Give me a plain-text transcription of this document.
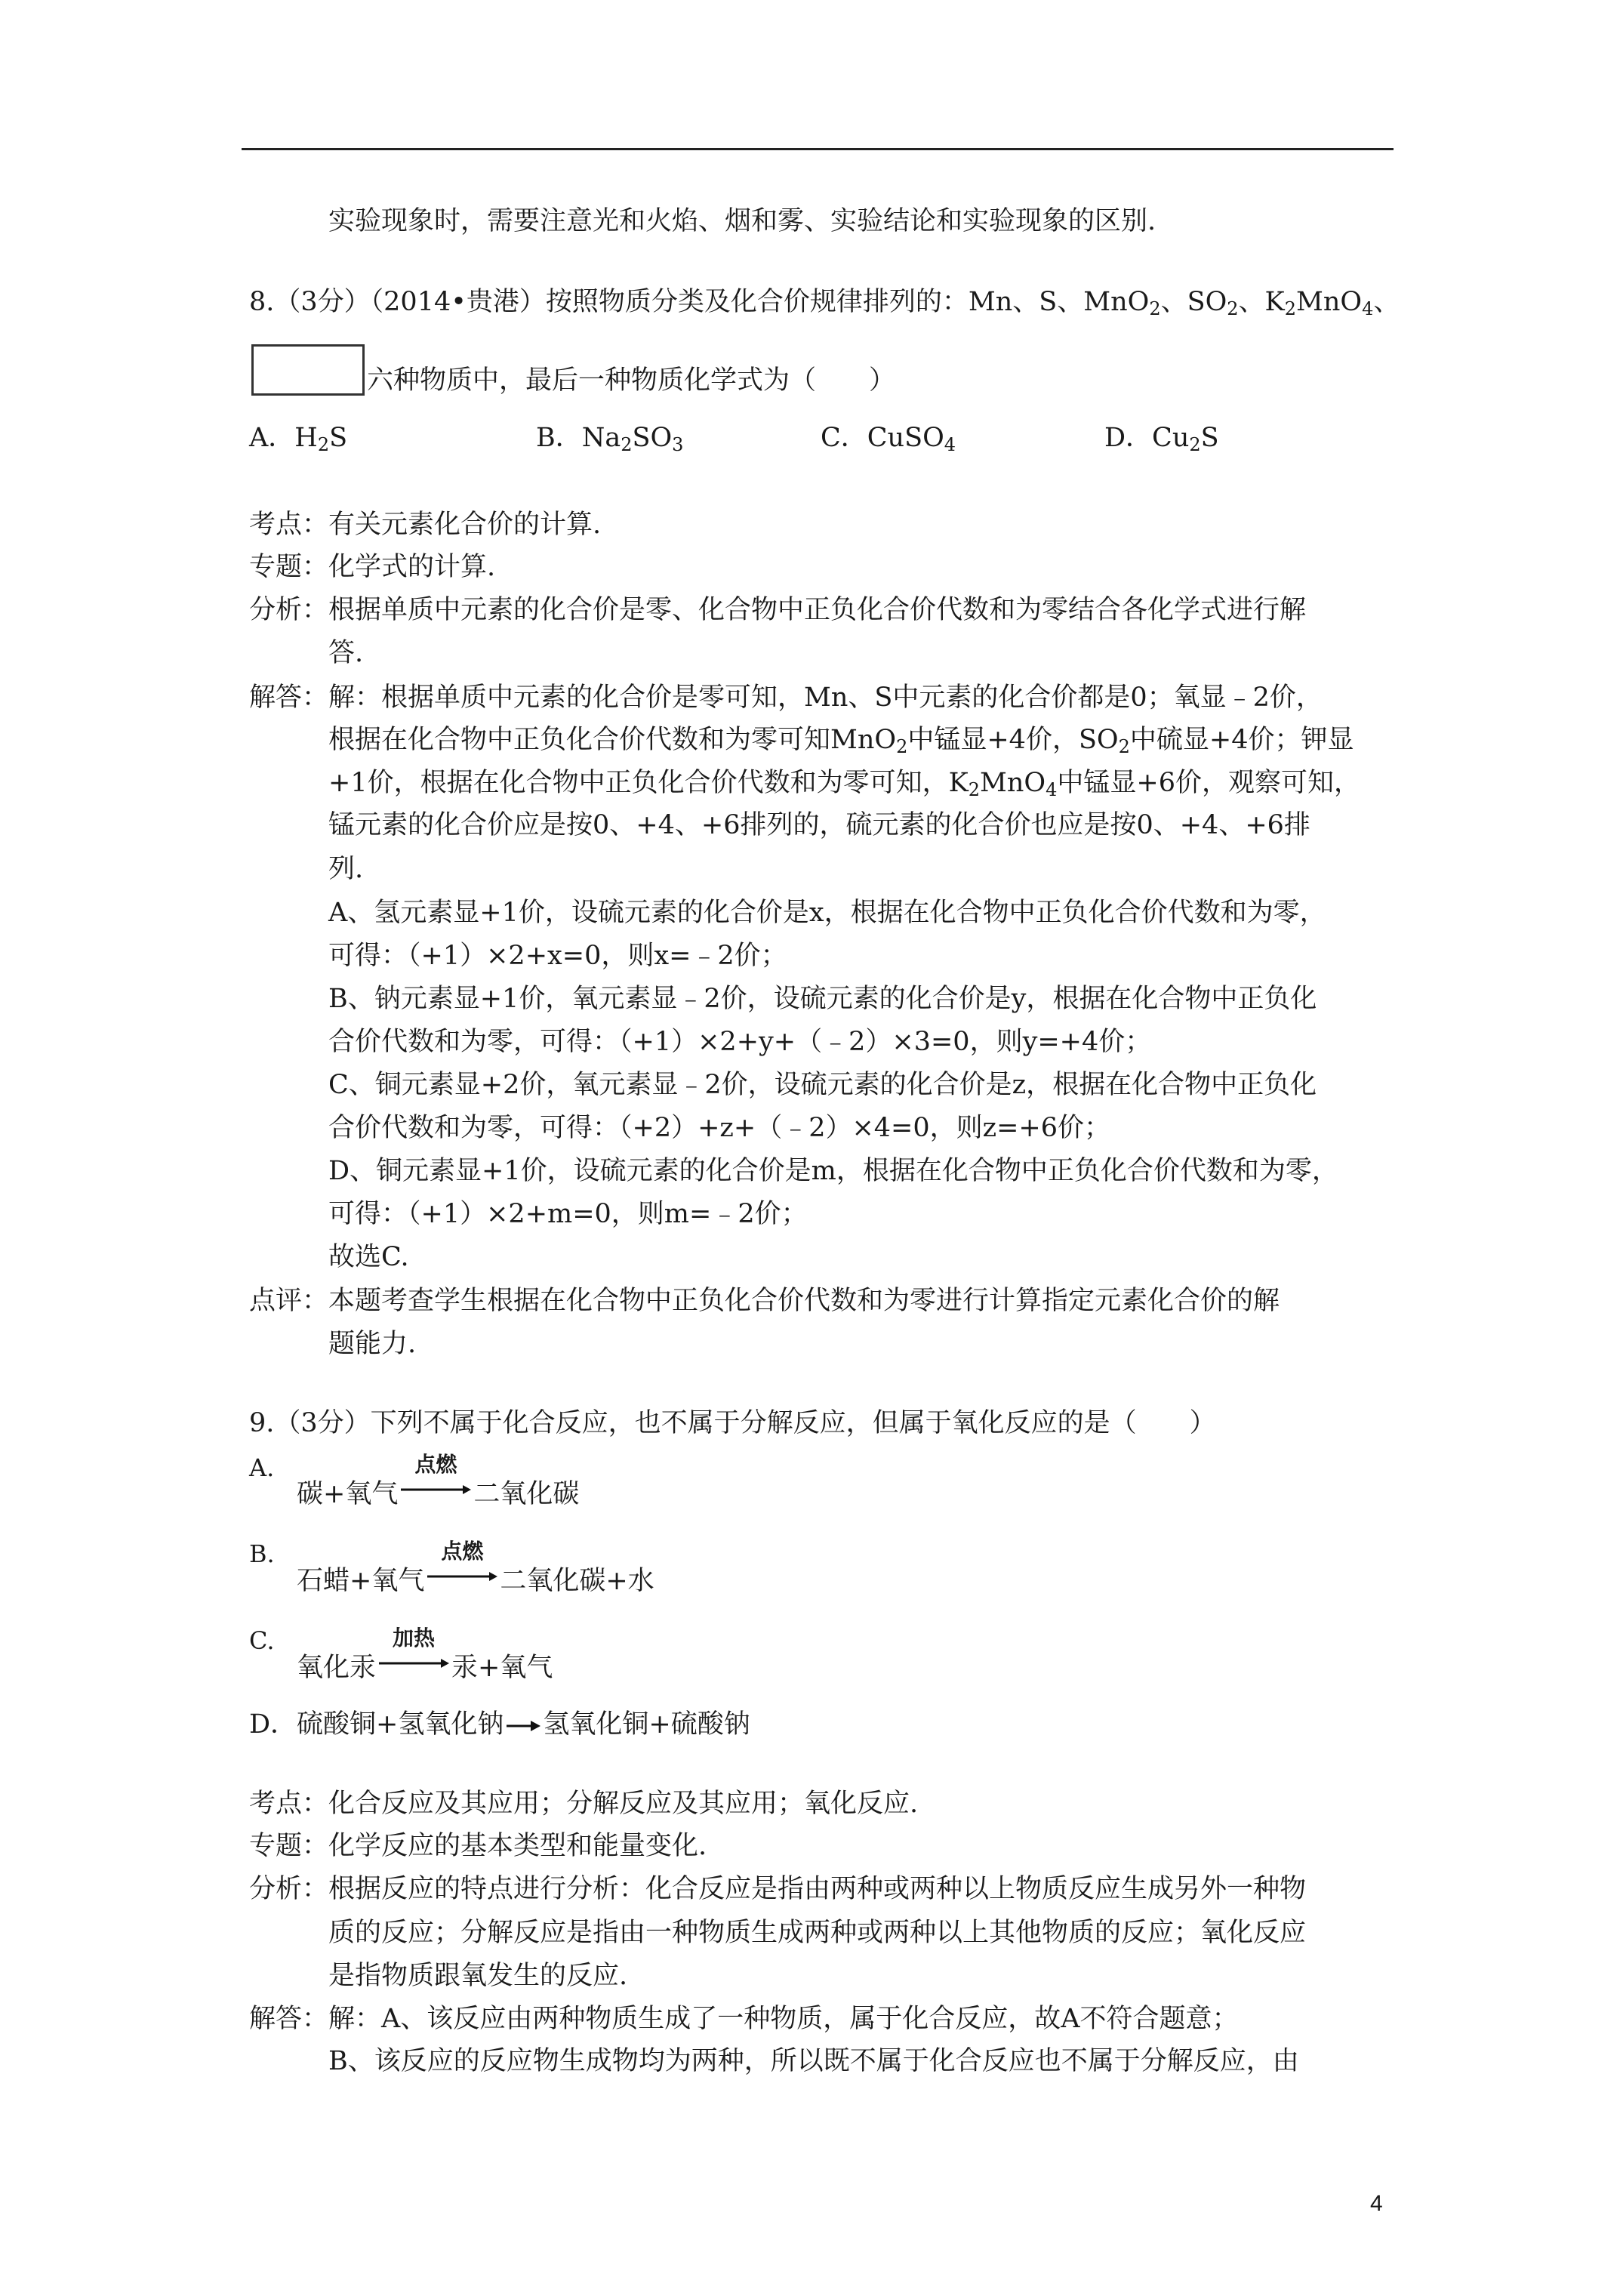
实验现象时，需要注意光和火焰、烟和雾、实验结论和实验现象的区别.
8.（3分）（2014•贵港）按照物质分类及化合价规律排列的：Mn、S、MnO$_2$、$SO_2$、$K_2MnO_4$、
六种物质中，最后一种物质化学式为（　　）
A．$H_2S$	B．$Na_2SO_3$	C．CuSO$_4$	D．$Cu_2S$
考点：有关元素化合价的计算.
专题：化学式的计算.
分析：根据单质中元素的化合价是零、化合物中正负化合价代数和为零结合各化学式进行解
答.
解答：解：根据单质中元素的化合价是零可知，Mn、S中元素的化合价都是0；氧显﹣2价，
根据在化合物中正负化合价代数和为零可知MnO$_2$中锰显+4价，$SO_2$中硫显+4价；钾显
+1价，根据在化合物中正负化合价代数和为零可知，$K_2MnO_4$中锰显+6价，观察可知，
锰元素的化合价应是按0、+4、+6排列的，硫元素的化合价也应是按0、+4、+6排
列.
A、氢元素显+1价，设硫元素的化合价是x，根据在化合物中正负化合价代数和为零，
可得：（+1）×2+x=0，则x=﹣2价；
B、钠元素显+1价，氧元素显﹣2价，设硫元素的化合价是y，根据在化合物中正负化
合价代数和为零，可得：（+1）×2+y+（﹣2）×3=0，则y=+4价；
C、铜元素显+2价，氧元素显﹣2价，设硫元素的化合价是z，根据在化合物中正负化
合价代数和为零，可得：（+2）+z+（﹣2）×4=0，则z=+6价；
D、铜元素显+1价，设硫元素的化合价是m，根据在化合物中正负化合价代数和为零，
可得：（+1）×2+m=0，则m=﹣2价；
故选C.
点评：本题考查学生根据在化合物中正负化合价代数和为零进行计算指定元素化合价的解
题能力.
9.（3分）下列不属于化合反应，也不属于分解反应，但属于氧化反应的是（　　）
A.
碳+氧气
点燃
二氧化碳
B.
石蜡+氧气
点燃
二氧化碳+水
C.
氧化汞
加热
汞+氧气
D．硫酸铜+氢氧化钠 → 氢氧化铜+硫酸钠
考点：化合反应及其应用；分解反应及其应用；氧化反应.
专题：化学反应的基本类型和能量变化.
分析：根据反应的特点进行分析：化合反应是指由两种或两种以上物质反应生成另外一种物
质的反应；分解反应是指由一种物质生成两种或两种以上其他物质的反应；氧化反应
是指物质跟氧发生的反应.
解答：解：A、该反应由两种物质生成了一种物质，属于化合反应，故A不符合题意；
B、该反应的反应物生成物均为两种，所以既不属于化合反应也不属于分解反应，由
4
